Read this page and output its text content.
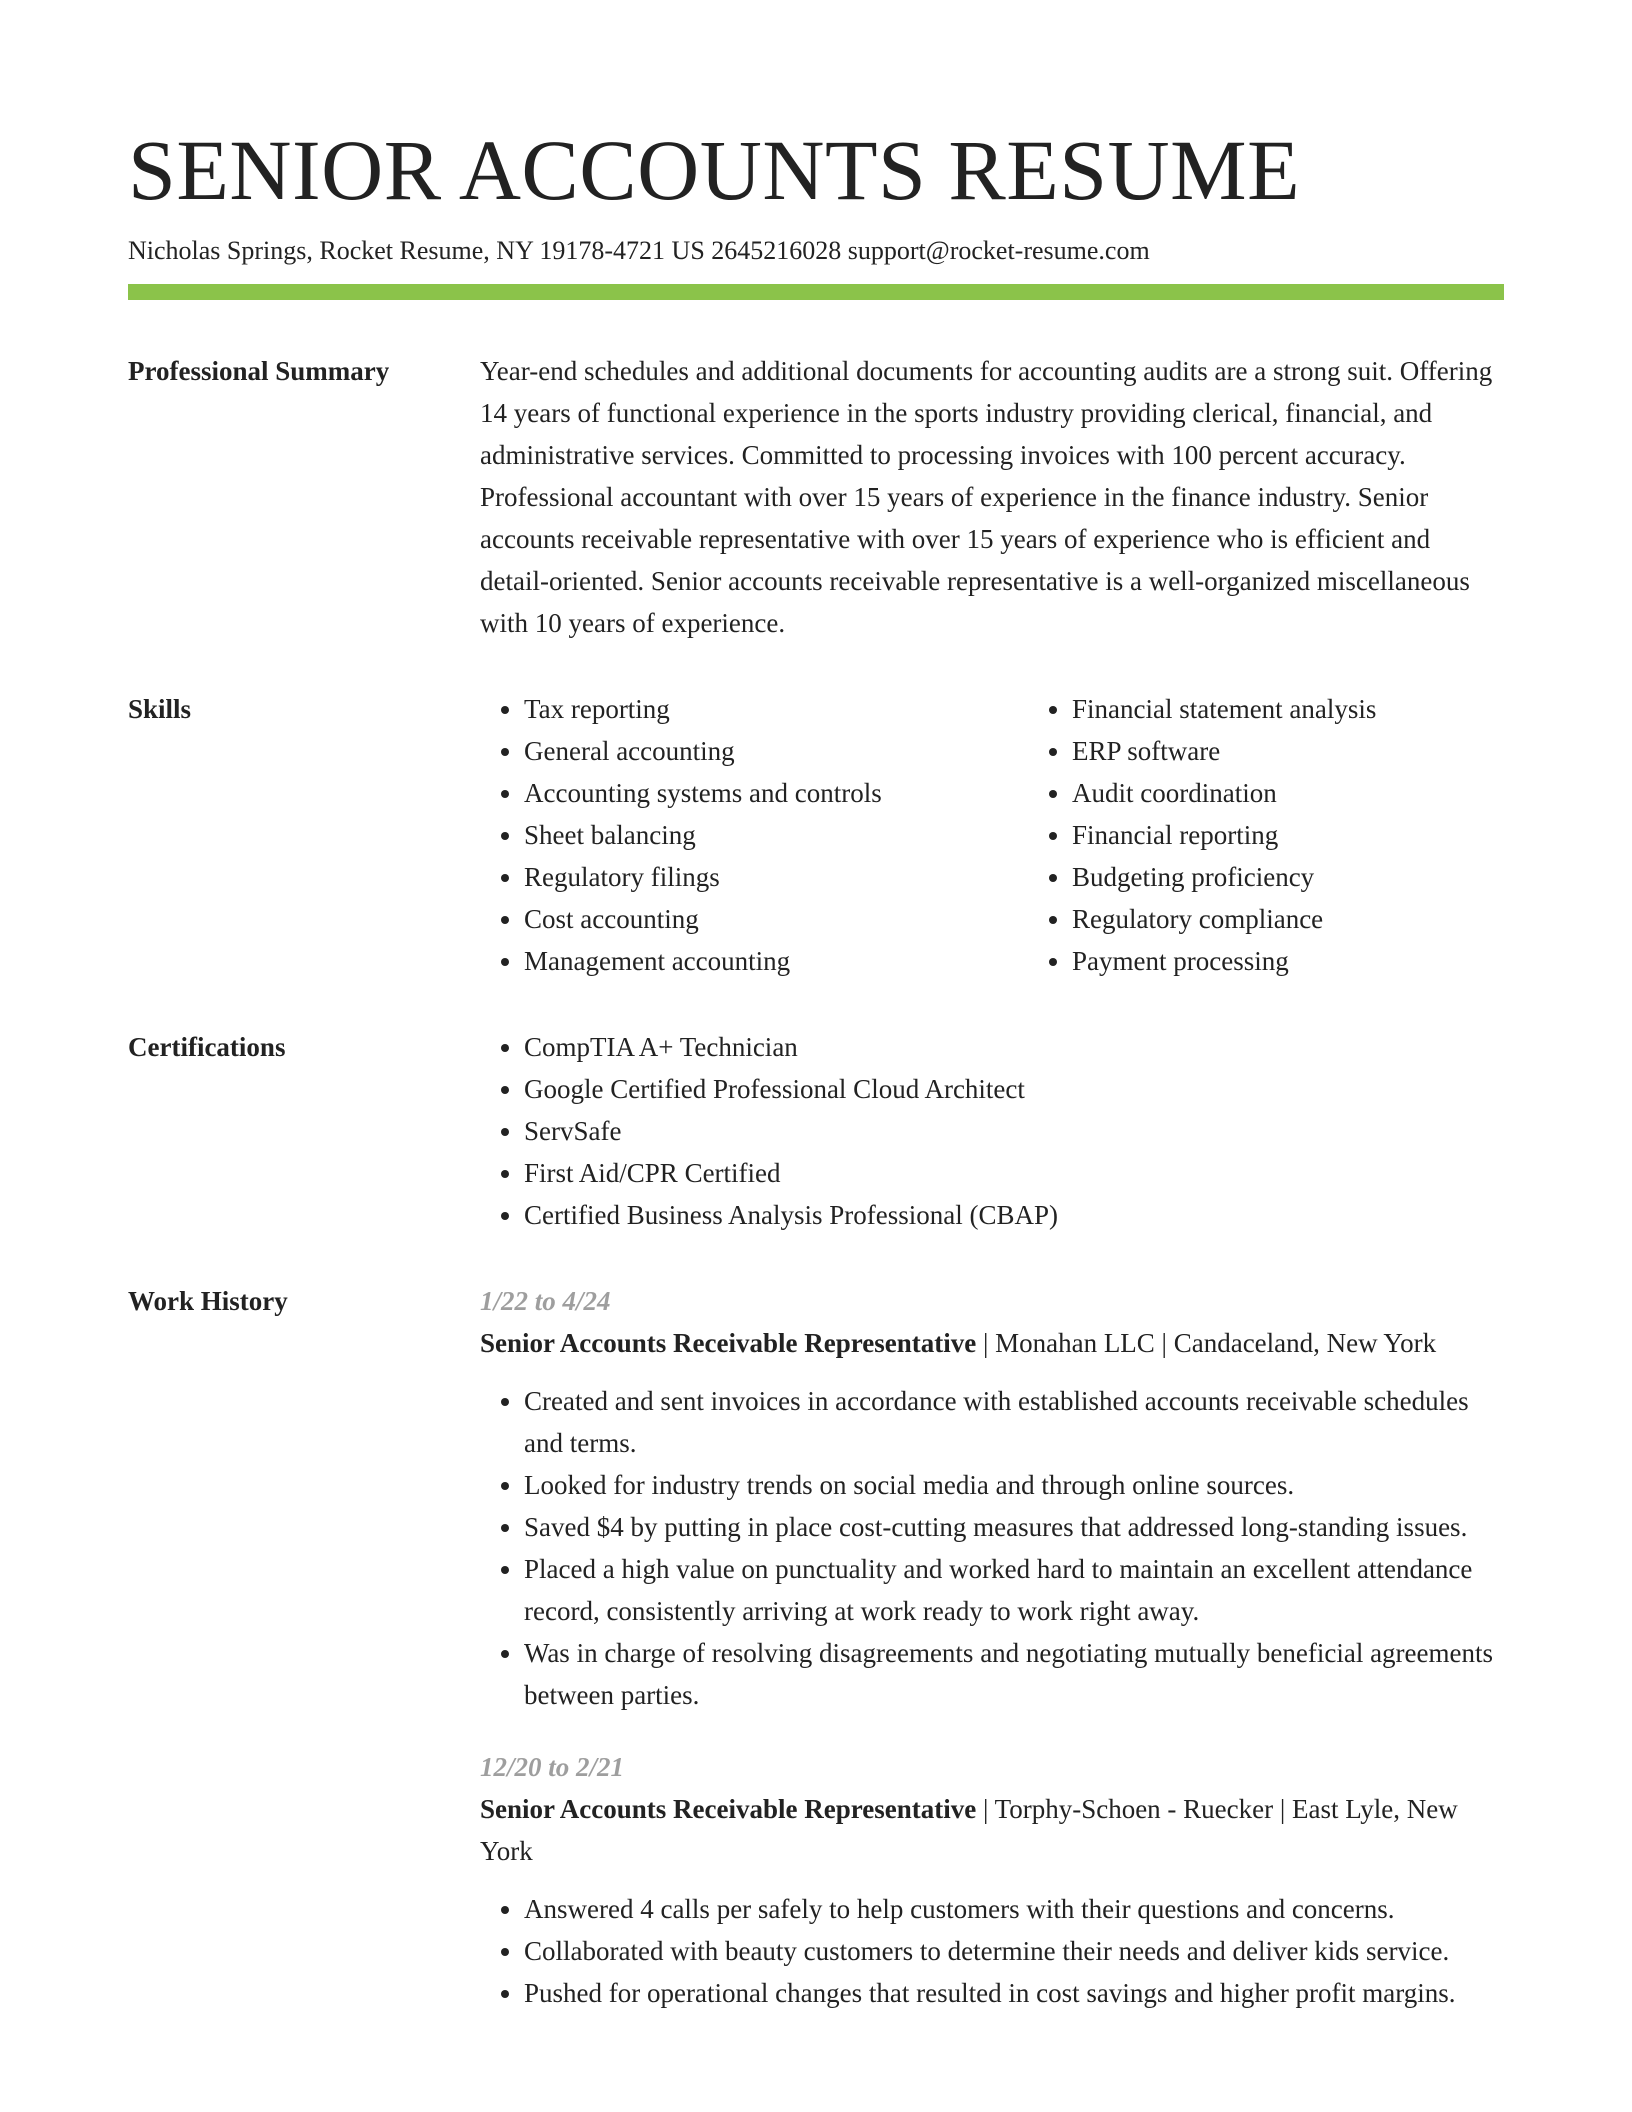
SENIOR ACCOUNTS RESUME
Nicholas Springs, Rocket Resume, NY 19178-4721 US 2645216028 support@rocket-resume.com
Professional Summary	Year-end schedules and additional documents for accounting audits are a strong suit. Offering 14 years of functional experience in the sports industry providing clerical, financial, and administrative services. Committed to processing invoices with 100 percent accuracy. Professional accountant with over 15 years of experience in the finance industry. Senior accounts receivable representative with over 15 years of experience who is efficient and detail-oriented. Senior accounts receivable representative is a well-organized miscellaneous with 10 years of experience.

Skills	• Tax reporting
• General accounting
• Accounting systems and controls
• Sheet balancing
• Regulatory filings
• Cost accounting
• Management accounting
• Financial statement analysis
• ERP software
• Audit coordination
• Financial reporting
• Budgeting proficiency
• Regulatory compliance
• Payment processing
Certifications	• CompTIA A+ Technician
• Google Certified Professional Cloud Architect
• ServSafe
• First Aid/CPR Certified
• Certified Business Analysis Professional (CBAP)
Work History	1/22 to 4/24
Senior Accounts Receivable Representative | Monahan LLC | Candaceland, New York
• Created and sent invoices in accordance with established accounts receivable schedules and terms.
• Looked for industry trends on social media and through online sources.
• Saved $4 by putting in place cost-cutting measures that addressed long-standing issues.
• Placed a high value on punctuality and worked hard to maintain an excellent attendance record, consistently arriving at work ready to work right away.
• Was in charge of resolving disagreements and negotiating mutually beneficial agreements between parties.
12/20 to 2/21
Senior Accounts Receivable Representative | Torphy-Schoen - Ruecker | East Lyle, New York
• Answered 4 calls per safely to help customers with their questions and concerns.
• Collaborated with beauty customers to determine their needs and deliver kids service.
• Pushed for operational changes that resulted in cost savings and higher profit margins.
